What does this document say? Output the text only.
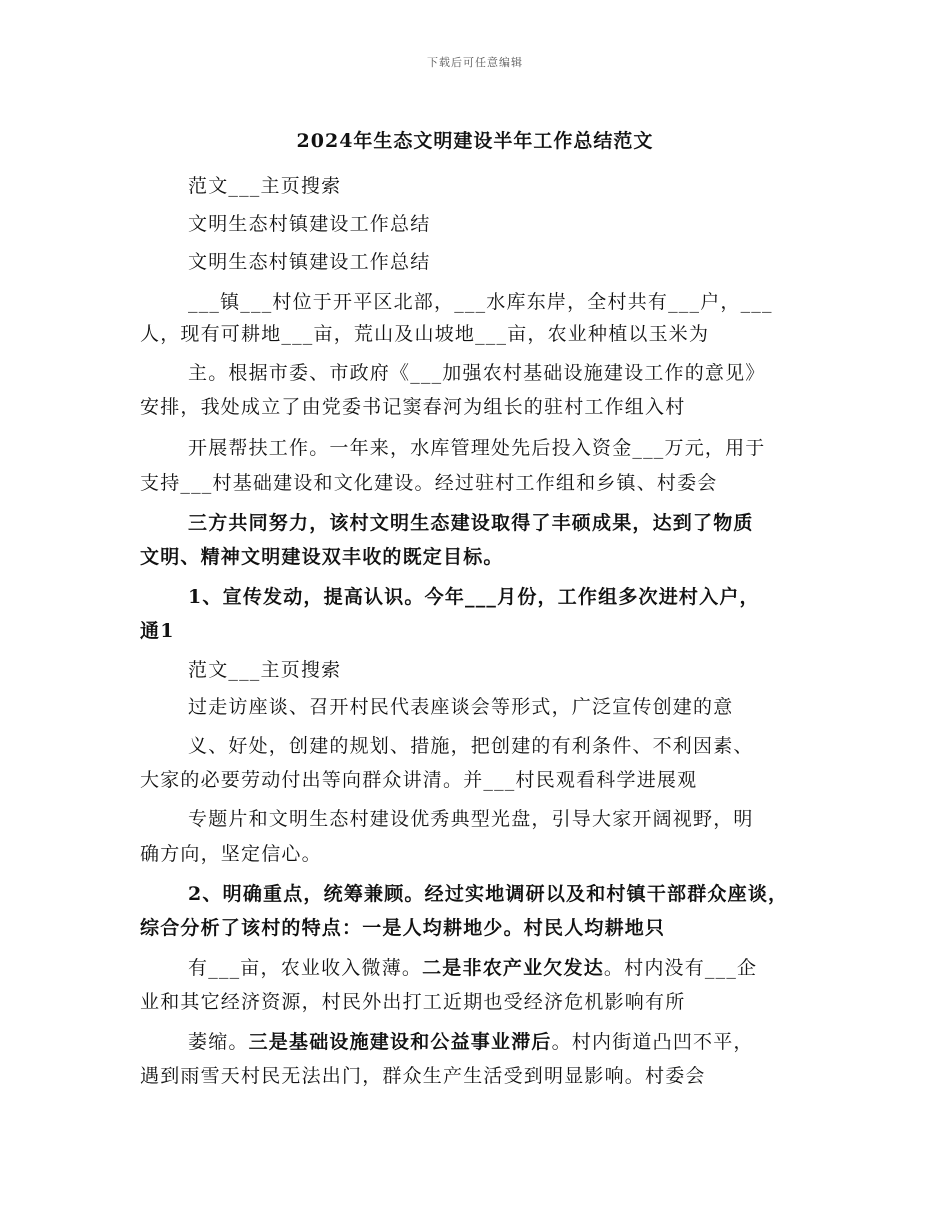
下载后可任意编辑
2024年生态文明建设半年工作总结范文
范文___主页搜索
文明生态村镇建设工作总结
文明生态村镇建设工作总结
___镇___村位于开平区北部，___水库东岸，全村共有___户，___
人，现有可耕地___亩，荒山及山坡地___亩，农业种植以玉米为
主。根据市委、市政府《___加强农村基础设施建设工作的意见》
安排，我处成立了由党委书记窦春河为组长的驻村工作组入村
开展帮扶工作。一年来，水库管理处先后投入资金___万元，用于
支持___村基础建设和文化建设。经过驻村工作组和乡镇、村委会
三方共同努力，该村文明生态建设取得了丰硕成果，达到了物质
文明、精神文明建设双丰收的既定目标。
1、宣传发动，提高认识。今年___月份，工作组多次进村入户，
通1
范文___主页搜索
过走访座谈、召开村民代表座谈会等形式，广泛宣传创建的意
义、好处，创建的规划、措施，把创建的有利条件、不利因素、
大家的必要劳动付出等向群众讲清。并___村民观看科学进展观
专题片和文明生态村建设优秀典型光盘，引导大家开阔视野，明
确方向，坚定信心。
2、明确重点，统筹兼顾。经过实地调研以及和村镇干部群众座谈，
综合分析了该村的特点：一是人均耕地少。村民人均耕地只
有___亩，农业收入微薄。二是非农产业欠发达。村内没有___企
业和其它经济资源，村民外出打工近期也受经济危机影响有所
萎缩。三是基础设施建设和公益事业滞后。村内街道凸凹不平，
遇到雨雪天村民无法出门，群众生产生活受到明显影响。村委会
